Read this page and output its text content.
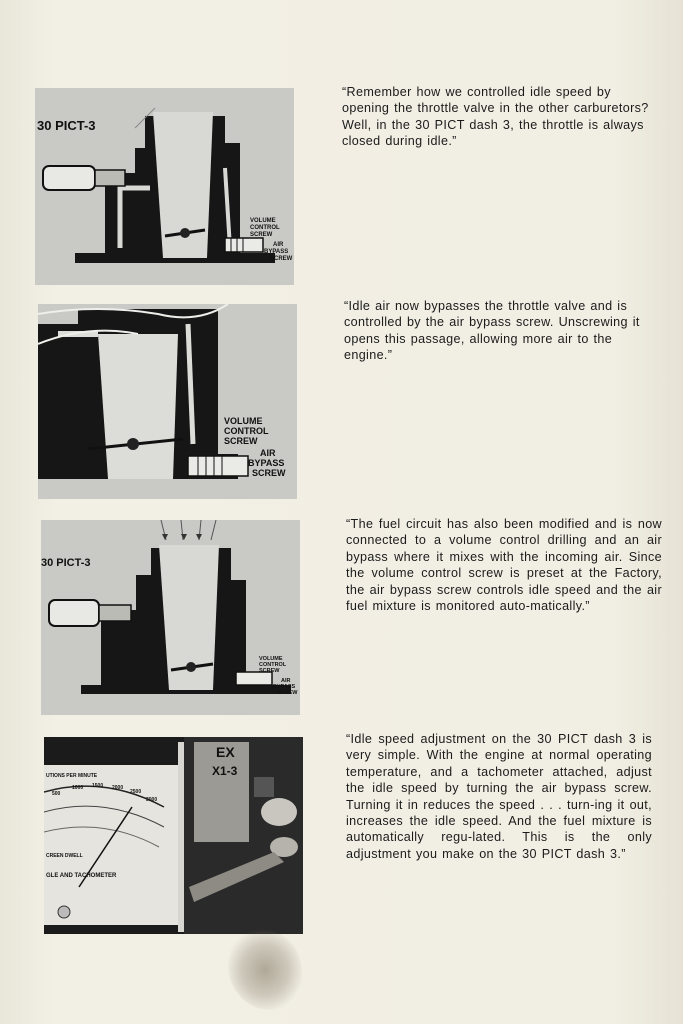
30 PICT-3
VOLUME
CONTROL
SCREW
AIR
BYPASS
SCREW
VOLUME
CONTROL
SCREW
AIR
BYPASS
SCREW
30 PICT-3
VOLUME
CONTROL
SCREW
AIR
BYPASS
SCREW
UTIONS PER MINUTE
500
1000 1500 2000
2500
3000
CREEN DWELL
GLE AND TACHOMETER
EX
X1-3
“Remember how we controlled idle speed by opening the throttle valve in the other carburetors? Well, in the 30 PICT dash 3, the throttle is always closed during idle.”
“Idle air now bypasses the throttle valve and is controlled by the air bypass screw. Unscrewing it opens this passage, allowing more air to the engine.”
“The fuel circuit has also been modified and is now connected to a volume control drilling and an air bypass where it mixes with the incoming air. Since the volume control screw is preset at the Factory, the air bypass screw controls idle speed and the air fuel mixture is monitored auto-matically.”
“Idle speed adjustment on the 30 PICT dash 3 is very simple. With the engine at normal operating temperature, and a tachometer attached, adjust the idle speed by turning the air bypass screw. Turning it in reduces the speed . . . turn-ing it out, increases the idle speed. And the fuel mixture is automatically regu-lated. This is the only adjustment you make on the 30 PICT dash 3.”
